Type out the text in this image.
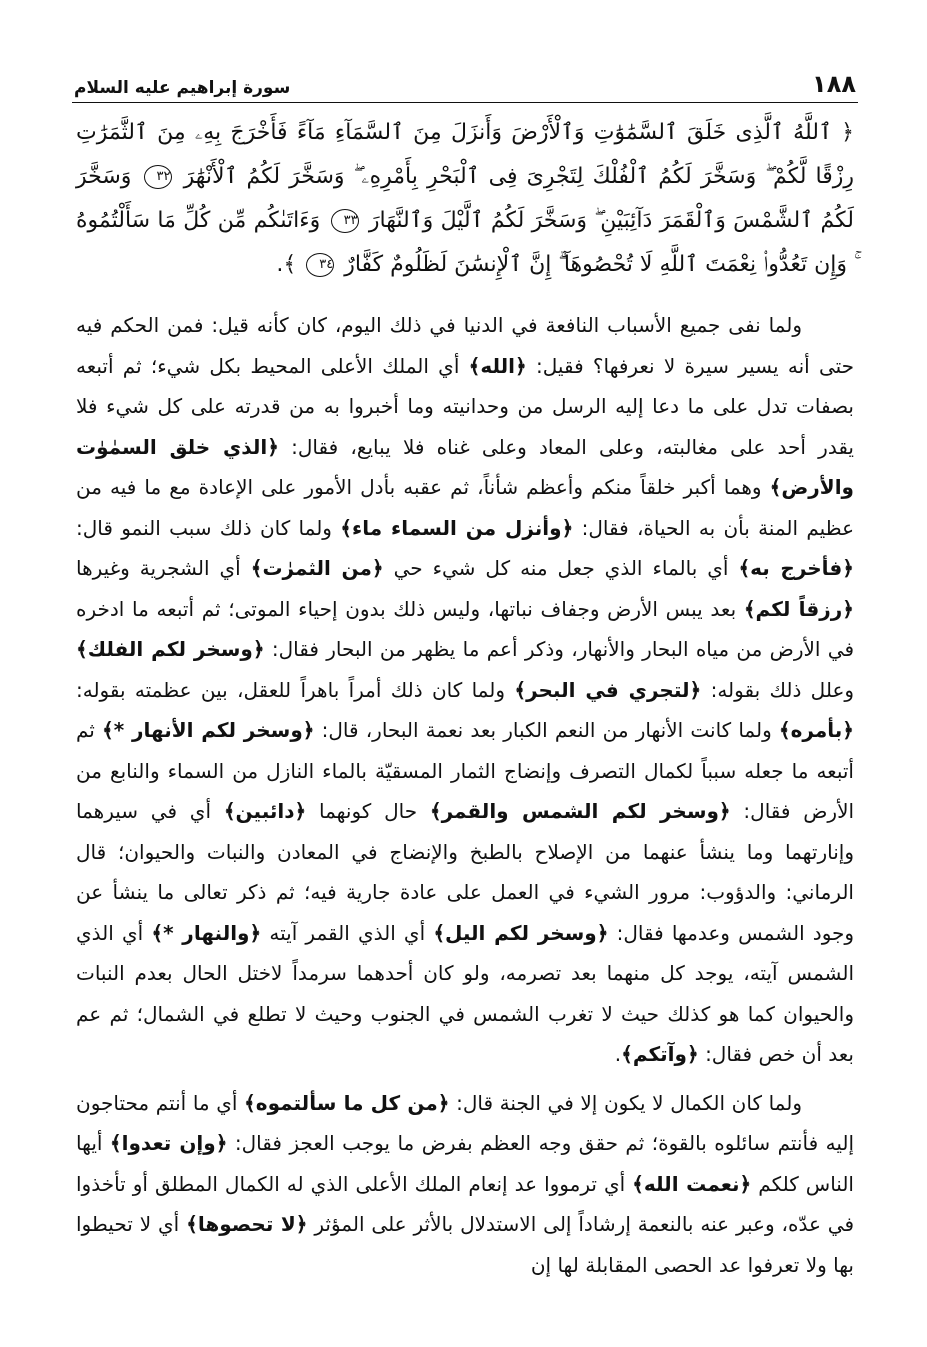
١٨٨
سورة إبراهيم عليه السلام
﴿ ٱللَّهُ ٱلَّذِى خَلَقَ ٱلسَّمَٰوَٰتِ وَٱلْأَرْضَ وَأَنزَلَ مِنَ ٱلسَّمَآءِ مَآءً فَأَخْرَجَ بِهِۦ مِنَ ٱلثَّمَرَٰتِ رِزْقًا لَّكُمْ ۖ وَسَخَّرَ لَكُمُ ٱلْفُلْكَ لِتَجْرِىَ فِى ٱلْبَحْرِ بِأَمْرِهِۦ ۖ وَسَخَّرَ لَكُمُ ٱلْأَنْهَٰرَ ٣٢ وَسَخَّرَ لَكُمُ ٱلشَّمْسَ وَٱلْقَمَرَ دَآئِبَيْنِ ۖ وَسَخَّرَ لَكُمُ ٱلَّيْلَ وَٱلنَّهَارَ ٣٣ وَءَاتَىٰكُم مِّن كُلِّ مَا سَأَلْتُمُوهُ ۚ وَإِن تَعُدُّوا۟ نِعْمَتَ ٱللَّهِ لَا تُحْصُوهَآ ۗ إِنَّ ٱلْإِنسَٰنَ لَظَلُومٌ كَفَّارٌ ٣٤ ﴾.

ولما نفى جميع الأسباب النافعة في الدنيا في ذلك اليوم، كان كأنه قيل: فمن الحكم فيه حتى أنه يسير سيرة لا نعرفها؟ فقيل: ﴿الله﴾ أي الملك الأعلى المحيط بكل شيء؛ ثم أتبعه بصفات تدل على ما دعا إليه الرسل من وحدانيته وما أخبروا به من قدرته على كل شيء فلا يقدر أحد على مغالبته، وعلى المعاد وعلى غناه فلا يبايع، فقال: ﴿الذي خلق السمٰوٰت والأرض﴾ وهما أكبر خلقاً منكم وأعظم شأناً، ثم عقبه بأدل الأمور على الإعادة مع ما فيه من عظيم المنة بأن به الحياة، فقال: ﴿وأنزل من السماء ماء﴾ ولما كان ذلك سبب النمو قال: ﴿فأخرج به﴾ أي بالماء الذي جعل منه كل شيء حي ﴿من الثمرٰت﴾ أي الشجرية وغيرها ﴿رزقاً لكم﴾ بعد يبس الأرض وجفاف نباتها، وليس ذلك بدون إحياء الموتى؛ ثم أتبعه ما ادخره في الأرض من مياه البحار والأنهار، وذكر أعم ما يظهر من البحار فقال: ﴿وسخر لكم الفلك﴾ وعلل ذلك بقوله: ﴿لتجري في البحر﴾ ولما كان ذلك أمراً باهراً للعقل، بين عظمته بقوله: ﴿بأمره﴾ ولما كانت الأنهار من النعم الكبار بعد نعمة البحار، قال: ﴿وسخر لكم الأنهار *﴾ ثم أتبعه ما جعله سبباً لكمال التصرف وإنضاج الثمار المسقيّة بالماء النازل من السماء والنابع من الأرض فقال: ﴿وسخر لكم الشمس والقمر﴾ حال كونهما ﴿دائبين﴾ أي في سيرهما وإنارتهما وما ينشأ عنهما من الإصلاح بالطبخ والإنضاج في المعادن والنبات والحيوان؛ قال الرماني: والدؤوب: مرور الشيء في العمل على عادة جارية فيه؛ ثم ذكر تعالى ما ينشأ عن وجود الشمس وعدمها فقال: ﴿وسخر لكم اليل﴾ أي الذي القمر آيته ﴿والنهار *﴾ أي الذي الشمس آيته، يوجد كل منهما بعد تصرمه، ولو كان أحدهما سرمداً لاختل الحال بعدم النبات والحيوان كما هو كذلك حيث لا تغرب الشمس في الجنوب وحيث لا تطلع في الشمال؛ ثم عم بعد أن خص فقال: ﴿وآتكم﴾.

ولما كان الكمال لا يكون إلا في الجنة قال: ﴿من كل ما سألتموه﴾ أي ما أنتم محتاجون إليه فأنتم سائلوه بالقوة؛ ثم حقق وجه العظم بفرض ما يوجب العجز فقال: ﴿وإن تعدوا﴾ أيها الناس كلكم ﴿نعمت الله﴾ أي ترمووا عد إنعام الملك الأعلى الذي له الكمال المطلق أو تأخذوا في عدّه، وعبر عنه بالنعمة إرشاداً إلى الاستدلال بالأثر على المؤثر ﴿لا تحصوها﴾ أي لا تحيطوا بها ولا تعرفوا عد الحصى المقابلة لها إن
